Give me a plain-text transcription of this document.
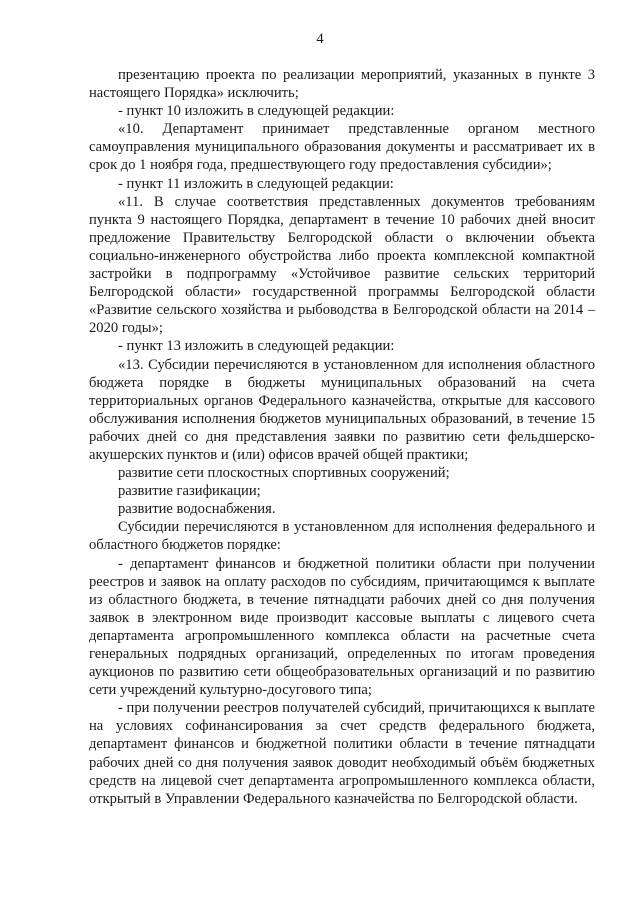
4

презентацию проекта по реализации мероприятий, указанных в пункте 3 настоящего Порядка» исключить;

- пункт 10 изложить в следующей редакции:

«10. Департамент принимает представленные органом местного самоуправления муниципального образования документы и рассматривает их в срок до 1 ноября года, предшествующего году предоставления субсидии»;

- пункт 11 изложить в следующей редакции:

«11. В случае соответствия представленных документов требованиям пункта 9 настоящего Порядка, департамент в течение 10 рабочих дней вносит предложение Правительству Белгородской области о включении объекта социально-инженерного обустройства либо проекта комплексной компактной застройки в подпрограмму «Устойчивое развитие сельских территорий Белгородской области» государственной программы Белгородской области «Развитие сельского хозяйства и рыбоводства в Белгородской области на 2014 – 2020 годы»;

- пункт 13 изложить в следующей редакции:

«13. Субсидии перечисляются в установленном для исполнения областного бюджета порядке в бюджеты муниципальных образований на счета территориальных органов Федерального казначейства, открытые для кассового обслуживания исполнения бюджетов муниципальных образований, в течение 15 рабочих дней со дня представления заявки по развитию сети фельдшерско-акушерских пунктов и (или) офисов врачей общей практики;

развитие сети плоскостных спортивных сооружений;

развитие газификации;

развитие водоснабжения.

Субсидии перечисляются в установленном для исполнения федерального и областного бюджетов порядке:

- департамент финансов и бюджетной политики области при получении реестров и заявок на оплату расходов по субсидиям, причитающимся к выплате из областного бюджета, в течение пятнадцати рабочих дней со дня получения заявок в электронном виде производит кассовые выплаты с лицевого счета департамента агропромышленного комплекса области на расчетные счета генеральных подрядных организаций, определенных по итогам проведения аукционов по развитию сети общеобразовательных организаций и по развитию сети учреждений культурно-досугового типа;

- при получении реестров получателей субсидий, причитающихся к выплате на условиях софинансирования за счет средств федерального бюджета, департамент финансов и бюджетной политики области в течение пятнадцати рабочих дней со дня получения заявок доводит необходимый объём бюджетных средств на лицевой счет департамента агропромышленного комплекса области, открытый в Управлении Федерального казначейства по Белгородской области.
